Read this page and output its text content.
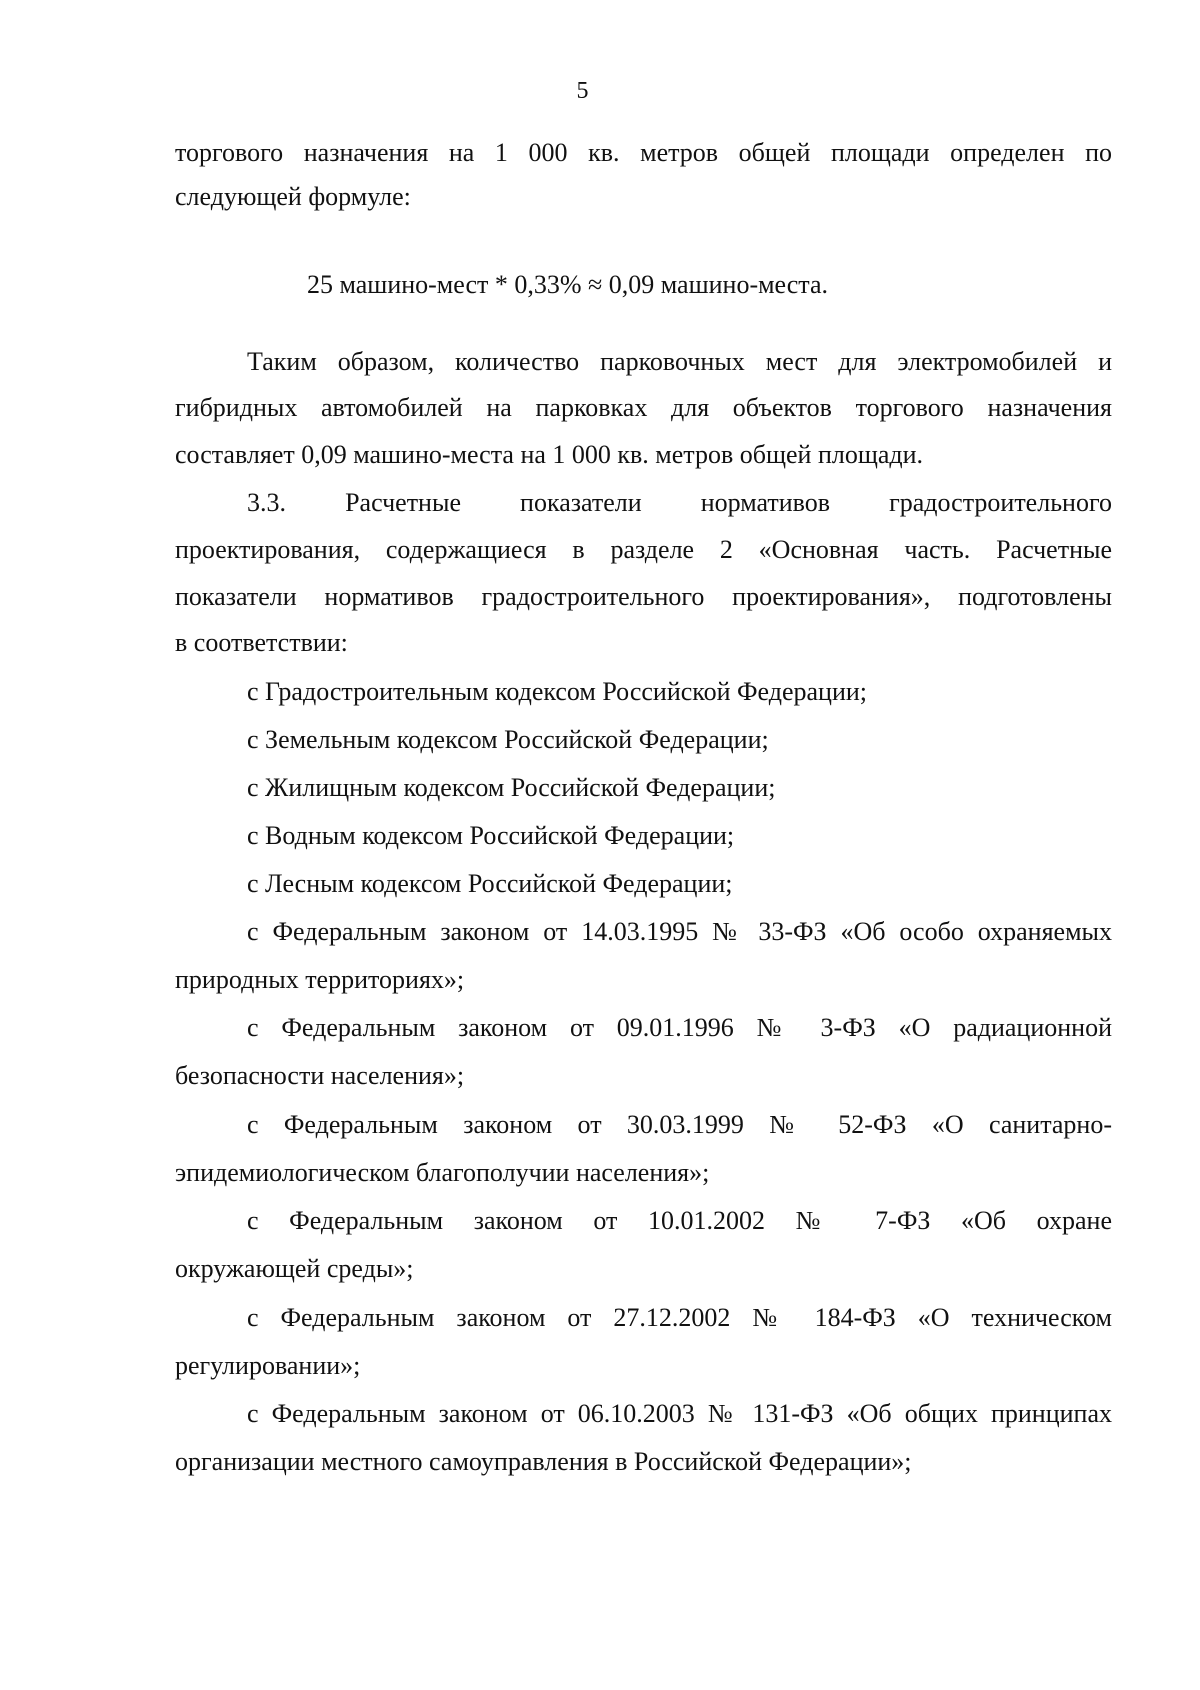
5
торгового назначения на 1 000 кв. метров общей площади определен по
следующей формуле:
25 машино-мест * 0,33% ≈ 0,09 машино-места.
Таким образом, количество парковочных мест для электромобилей и
гибридных автомобилей на парковках для объектов торгового назначения
составляет 0,09 машино-места на 1 000 кв. метров общей площади.
3.3. Расчетные показатели нормативов градостроительного
проектирования, содержащиеся в разделе 2 «Основная часть. Расчетные
показатели нормативов градостроительного проектирования», подготовлены
в соответствии:
с Градостроительным кодексом Российской Федерации;
с Земельным кодексом Российской Федерации;
с Жилищным кодексом Российской Федерации;
с Водным кодексом Российской Федерации;
с Лесным кодексом Российской Федерации;
с Федеральным законом от 14.03.1995 № 33-ФЗ «Об особо охраняемых
природных территориях»;
с Федеральным законом от 09.01.1996 № 3-ФЗ «О радиационной
безопасности населения»;
с Федеральным законом от 30.03.1999 № 52-ФЗ «О санитарно-
эпидемиологическом благополучии населения»;
с Федеральным законом от 10.01.2002 № 7-ФЗ «Об охране
окружающей среды»;
с Федеральным законом от 27.12.2002 № 184-ФЗ «О техническом
регулировании»;
с Федеральным законом от 06.10.2003 № 131-ФЗ «Об общих принципах
организации местного самоуправления в Российской Федерации»;
